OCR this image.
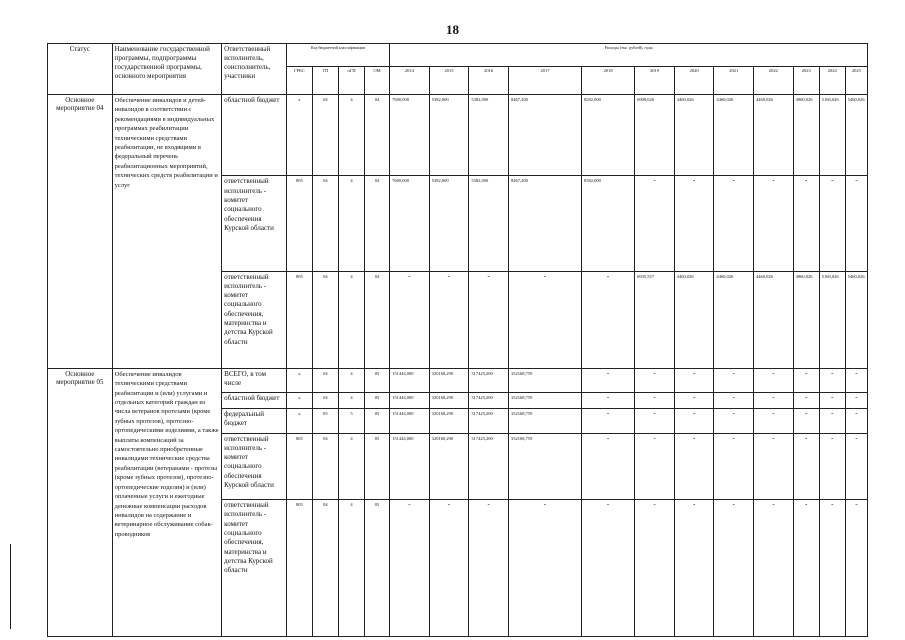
18
Статус	Наименование государственной программы, подпрограммы государственной программы, основного мероприятия	Ответственный исполнитель, соисполнитель, участники	Код бюджетной классификации				Расходы (тыс. рублей), годы											
			ГРБС	ГП	пГП	ОМ	2014	2015	2016	2017	2018	2019	2020	2021	2022	2023	2024	2025
Основное мероприятие 04	Обеспечение инвалидов и детей-инвалидов в соответствии с рекомендациями в индивидуальных программах реабилитации техническими средствами реабилитации, не входящими в федеральный перечень реабилитационных мероприятий, технических средств реабилитации и услуг	областной бюджет	х	04	4	04	7600,000	5382,000	5382,000	8467,200	8582,000	6908,026	4460,026	4460,026	4460,026	4960,026	5160,026	5460,026
		ответственный исполнитель - комитет социального обеспечения Курской области	805	04	4	04	7600,000	5382,000	5382,000	8467,200	8582,000	-	-	-	-	-	-	-
		ответственный исполнитель - комитет социального обеспечения, материнства и детства Курской области	805	04	4	04	-	-	-	-	-	6935,557	4460,026	4460,026	4460,026	4960,026	5160,026	5460,026
Основное мероприятие 05	Обеспечение инвалидов техническими средствами реабилитации и (или) услугами и отдельных категорий граждан из числа ветеранов протезами (кроме зубных протезов), протезно-ортопедическими изделиями, а также выплаты компенсаций за самостоятельно приобретенные инвалидами технические средства реабилитации (ветеранами - протезы (кроме зубных протезов), протезно-ортопедические изделия) и (или) оплаченные услуги и ежегодные денежные компенсации расходов инвалидов на содержание и ветеринарное обслуживание собак-проводников	ВСЕГО, в том числе	х	04	4	05	151444,000	320160,290	317425,200	332168,759	-	-	-	-	-	-	-	-
		областной бюджет	х	04	4	05	151444,000	320160,290	317425,200	332168,759	-	-	-	-	-	-	-	-
		федеральный бюджет	х	05	5	05	151444,000	320160,290	317425,200	332168,759	-	-	-	-	-	-	-	-
		ответственный исполнитель - комитет социального обеспечения Курской области	805	04	4	05	151444,000	320160,290	317425,200	332168,759	-	-	-	-	-	-	-	-
		ответственный исполнитель - комитет социального обеспечения, материнства и детства Курской области	805	04	4	05	-	-	-	-	-	-	-	-	-	-	-	-
